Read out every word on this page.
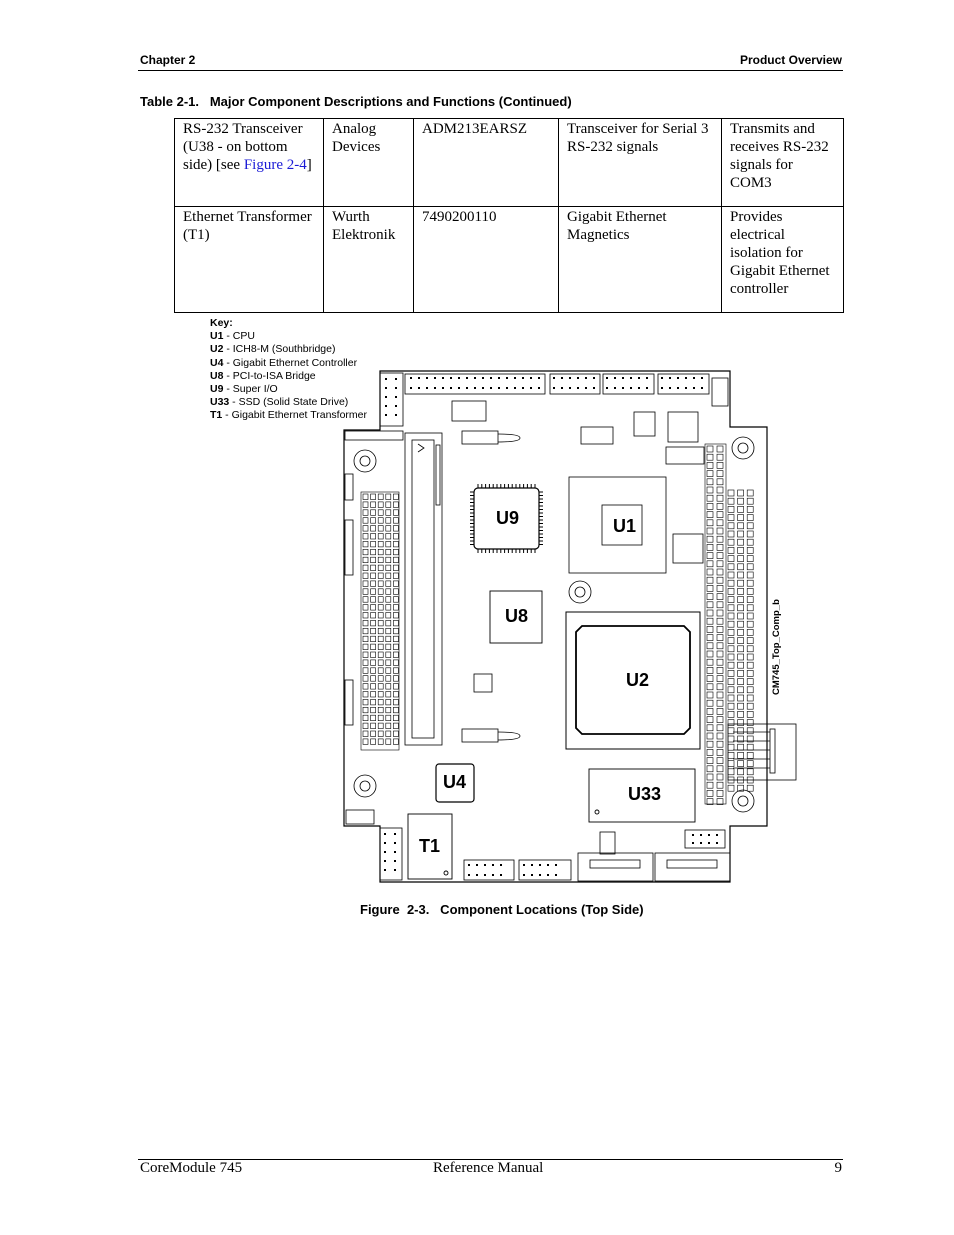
Chapter 2	Product Overview
Table 2-1.   Major Component Descriptions and Functions (Continued)
RS-232 Transceiver (U38 - on bottom side) [see Figure 2-4]	Analog Devices	ADM213EARSZ	Transceiver for Serial 3 RS-232 signals	Transmits and receives RS-232 signals for COM3
Ethernet Transformer (T1)	Wurth Elektronik	7490200110	Gigabit Ethernet Magnetics	Provides electrical isolation for Gigabit Ethernet controller
Key:
U1 - CPU
U2 - ICH8-M (Southbridge)
U4 - Gigabit Ethernet Controller
U8 - PCI-to-ISA Bridge
U9 - Super I/O
U33 - SSD (Solid State Drive)
T1 - Gigabit Ethernet Transformer
U9	U1
U8
U2
U33
U4
T1
CM745_Top_Comp_b
Figure  2-3.   Component Locations (Top Side)
CoreModule 745	Reference Manual	9
